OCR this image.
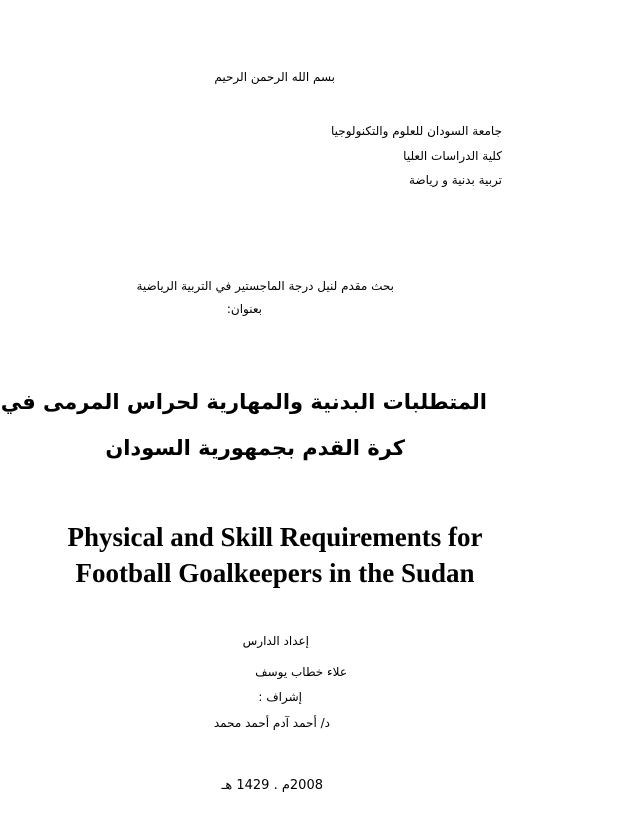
بسم الله الرحمن الرحيم
جامعة السودان للعلوم والتكنولوجيا
كلية الدراسات العليا
تربية بدنية و رياضة
بحث مقدم لنيل درجة الماجستير في التربية الرياضية
بعنوان:
المتطلبات البدنية والمهارية لحراس المرمى في
كرة القدم بجمهورية السودان
Physical and Skill Requirements for
Football Goalkeepers in the Sudan
إعداد الدارس
علاء خطاب يوسف
إشراف :
د/ أحمد آدم أحمد محمد
2008م . 1429 هـ
